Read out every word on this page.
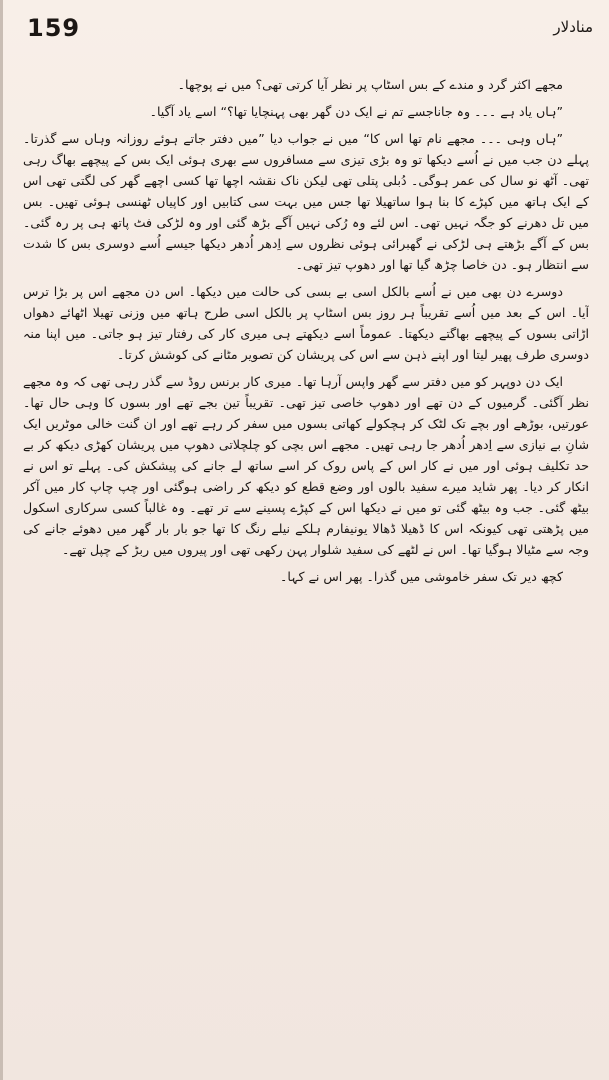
159	منادلار

مجھے اکثر گرد و مندے کے بس اسٹاپ پر نظر آیا کرتی تھی؟ میں نے پوچھا۔

”ہاں یاد ہے ۔۔۔ وہ جاناجسے تم نے ایک دن گھر بھی پہنچایا تھا؟“ اسے یاد آگیا۔

”ہاں وہی ۔۔۔ مجھے نام تھا اس کا“ میں نے جواب دیا ”میں دفتر جاتے ہوئے روزانہ وہاں سے گذرتا۔ پہلے دن جب میں نے اُسے دیکھا تو وہ بڑی تیزی سے مسافروں سے بھری ہوئی ایک بس کے پیچھے بھاگ رہی تھی۔ آٹھ نو سال کی عمر ہوگی۔ دُبلی پتلی تھی لیکن ناک نقشہ اچھا تھا کسی اچھے گھر کی لگتی تھی اس کے ایک ہاتھ میں کپڑے کا بنا ہوا ساتھیلا تھا جس میں بہت سی کتابیں اور کاپیاں ٹھنسی ہوئی تھیں۔ بس میں تل دھرنے کو جگہ نہیں تھی۔ اس لئے وہ رُکی نہیں آگے بڑھ گئی اور وہ لڑکی فٹ پاتھ ہی پر رہ گئی۔ بس کے آگے بڑھتے ہی لڑکی نے گھبرائی ہوئی نظروں سے اِدھر اُدھر دیکھا جیسے اُسے دوسری بس کا شدت سے انتظار ہو۔ دن خاصا چڑھ گیا تھا اور دھوپ تیز تھی۔

دوسرے دن بھی میں نے اُسے بالکل اسی بے بسی کی حالت میں دیکھا۔ اس دن مجھے اس پر بڑا ترس آیا۔ اس کے بعد میں اُسے تقریباً ہر روز بس اسٹاپ پر بالکل اسی طرح ہاتھ میں وزنی تھیلا اٹھائے دھواں اڑاتی بسوں کے پیچھے بھاگتے دیکھتا۔ عموماً اسے دیکھتے ہی میری کار کی رفتار تیز ہو جاتی۔ میں اپنا منہ دوسری طرف پھیر لیتا اور اپنے ذہن سے اس کی پریشان کن تصویر مٹانے کی کوشش کرتا۔

ایک دن دوپہر کو میں دفتر سے گھر واپس آرہا تھا۔ میری کار برنس روڈ سے گذر رہی تھی کہ وہ مجھے نظر آگئی۔ گرمیوں کے دن تھے اور دھوپ خاصی تیز تھی۔ تقریباً تین بجے تھے اور بسوں کا وہی حال تھا۔ عورتیں، بوڑھے اور بچے تک لٹک کر ہچکولے کھاتی بسوں میں سفر کر رہے تھے اور ان گنت خالی موٹریں ایک شانِ بے نیازی سے اِدھر اُدھر جا رہی تھیں۔ مجھے اس بچی کو چلچلاتی دھوپ میں پریشان کھڑی دیکھ کر بے حد تکلیف ہوئی اور میں نے کار اس کے پاس روک کر اسے ساتھ لے جانے کی پیشکش کی۔ پہلے تو اس نے انکار کر دیا۔ پھر شاید میرے سفید بالوں اور وضع قطع کو دیکھ کر راضی ہوگئی اور چپ چاپ کار میں آکر بیٹھ گئی۔ جب وہ بیٹھ گئی تو میں نے دیکھا اس کے کپڑے پسینے سے تر تھے۔ وہ غالباً کسی سرکاری اسکول میں پڑھتی تھی کیونکہ اس کا ڈھیلا ڈھالا یونیفارم ہلکے نیلے رنگ کا تھا جو بار بار گھر میں دھوئے جانے کی وجہ سے مٹیالا ہوگیا تھا۔ اس نے لٹھے کی سفید شلوار پہن رکھی تھی اور پیروں میں ربڑ کے چپل تھے۔

کچھ دیر تک سفر خاموشی میں گذرا۔ پھر اس نے کہا۔
